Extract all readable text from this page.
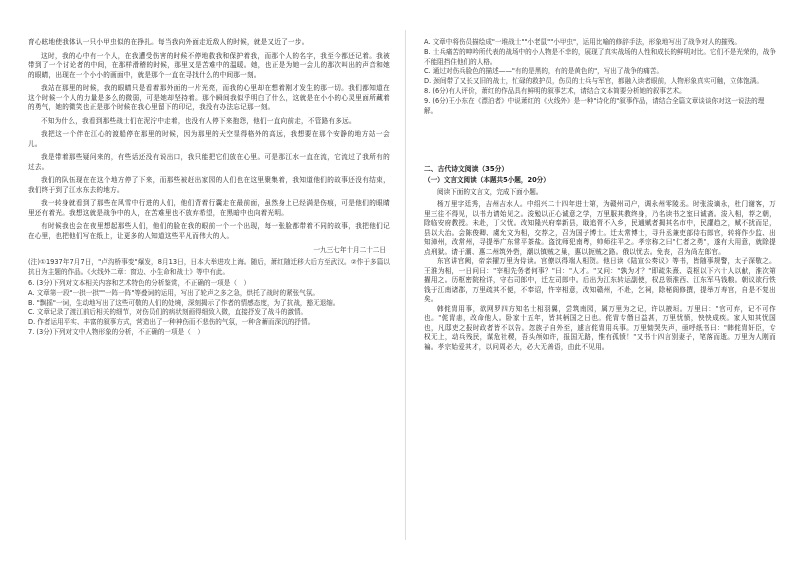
育心眩地使我体认一只小甲虫似的在挣扎。每当我向外面走近敌人的时候，就是又近了一步。

这时，我的心中有一个人，在我遭受伤害的时候不停地救我和保护着我，而那个人的名字，我至今都还记着。我被带到了一个讨论者的中间，在那样滑稽的时候，那里又是苦难中的温暖。她，也正是为她一会儿的那次叫出的声音和她的眼睛，出现在一个小小的画面中，就是那个一直在寻找什么的中间那一刻。

我站在那里的时候，我的眼睛只是看着那外面的一片光亮，而我的心里却在想着刚才发生的那一切。我们都知道在这个时候一个人的力量是多么的微弱，可是她却坚持着。那个瞬间我似乎明白了什么，这就是在小小的心灵里面所藏着的勇气，她的微笑也正是那个时候在我心里留下的印记，我没有办法忘记那一刻。

不知为什么，我看到那些战士们在泥泞中走着，也没有人停下来抱怨，他们一直向前走，不管路有多远。

我把这一个伴在江心的渡船停在那里的时候，因为那里的天空显得格外的高远，我想要在那个安静的地方站一会儿。

我是带着那些疑问来的，有些话还没有说出口，我只能把它们放在心里。可是那江水一直在流，它流过了我所有的过去。

我们的队伍现在在这个地方停了下来，而那些被赶出家园的人们也在这里聚集着，我知道他们的故事还没有结束，我们终于到了江水东去的地方。

我一转身就看到了那些在风雪中行进的人们，他们背着行囊走在最前面，虽然身上已经满是伤痕，可是他们的眼睛里还有着光。我想这就是战争中的人，在苦难里也不放弃希望，在黑暗中也向着光明。

有时候我也会在夜里想起那些人们，他们的脸在我的眼前一个一个出现，每一张脸都带着不同的故事，我把他们记在心里，也把他们写在纸上，让更多的人知道这些平凡而伟大的人。

一九三七年十月二十二日

(注)①1937年7月7日，"卢沟桥事变"爆发，8月13日，日本大举进攻上海。随后，萧红随迁移大后方至武汉。②作于多篇以抗日为主题的作品。《火线外二章：窗边、小生命和战士》等中有此。

6. (3分)下列对文本相关内容和艺术特色的分析鉴赏，不正确的一项是（　）

A. 文章第一段"一拱一拱""一阵一阵"等叠词的运用，写出了轮声之多之急，烘托了战时的紧张气氛。

B. "飘摇"一词，生动地写出了这些可敬的人们的处境，深刻揭示了作者的情感态度，为了抗战，豁无退缩。

C. 文章记录了渡江前后相关的细节，对伤员们的病状刻画得细致入微，直接抒发了战斗的激情。

D. 作者运用平实、丰富的叙事方式，营造出了一种神伤而不悲伤的气氛，一种含蓄而深沉的抒情。

7. (3分)下列对文中人物形象的分析，不正确的一项是（　）

A. 文章中将伤员描绘成"一堆战士""小老鼠""小甲虫"，运用比喻的修辞手法，形象地写出了战争对人的摧残。

B. 士兵痛苦的呻吟所代表的战场中的小人物是不幸的，展现了真实战场的人性和成长的鲜明对比。它们不是光荣的，战争不能阻挡住他们的人格。

C. 通过对伤兵脸色的描述——"有的是黑的，有的是黄色的"，写出了战争的痛苦。

D. 颈间带了又长又旧的战士，忙碌的救护员，伤员的士兵与军官，都融入读者眼前，人物形象真实可触，立体饱满。

8. (6分)有人评价，萧红的作品具有鲜明的叙事艺术，请结合文本简要分析她的叙事艺术。

9. (6分)王小东在《漂泊者》中说萧红的《火线外》是一种"诗化的"叙事作品，请结合全篇文章谈谈你对这一说法的理解。

二、古代诗文阅读（35分）

（一）文言文阅读（本题共5小题，20分）

阅读下面的文言文，完成下面小题。

杨万里字廷秀，吉州吉水人。中绍兴二十四年进士第，为赣州司户，调永州零陵丞。时张浚谪永，杜门谢客，万里三往不得见，以书力请始见之。浚勉以正心诚意之学，万里服其教终身，乃名读书之室曰诚斋。浚入相，荐之朝，除临安府教授。未赴，丁父忧。改知隆兴府奉新县，戢追胥不入乡，民逋赋者揭其名市中，民讙趋之，赋不扰而足，县以大治。会陈俊卿、虞允文为相，交荐之，召为国子博士。迁太常博士，寻升丞兼吏部侍右郎官，转将作少监、出知漳州，改常州，寻提举广东常平茶盐。盗沈师犯南粤，帅师往平之。孝宗称之曰"仁者之勇"，遂有大用意，就除提点刑狱。请于潮、惠二州筑外砦，潮以镇贼之巢，惠以扼贼之路。俄以忧去。免丧，召为尚左郎官。

东宫讲官阙，帝亲擢万里为侍读。宫僚以得端人相贺。他日读《陆宣公奏议》等书，皆随事规警，太子深敬之。王淮为相，一日问曰："宰相先务者何事？"曰："人才。"又问："孰为才？"即疏朱熹、袁枢以下六十人以献，淮次第擢用之。历枢密院检详，守右司郎中，迁左司郎中。后出为江东转运副使，权总领淮西、江东军马钱粮。朝议欲行铁钱于江南诸郡，万里疏其不便，不奉诏，忤宰相意，改知赣州，不赴，乞祠，除秘阁修撰，提举万寿宫，自是不复出矣。

韩侂胄用事，欲网罗四方知名士相羽翼，尝筑南园，属万里为之记，许以掖垣。万里曰："官可弃，记不可作也。"侂胄恚，改命他人。卧家十五年，皆其柄国之日也。侂胄专僭日益甚，万里忧愤，怏怏成疾。家人知其忧国也，凡邸吏之报时政者皆不以告。忽族子自外至，遽言侂胄用兵事。万里恸哭失声，亟呼纸书曰："韩侂胄奸臣，专权无上，动兵残民，谋危社稷，吾头颅如许，报国无路，惟有孤愤！"又书十四言别妻子，笔落而逝。万里为人刚而褊。孝宗始爱其才，以问周必大，必大无善语，由此不见用。
